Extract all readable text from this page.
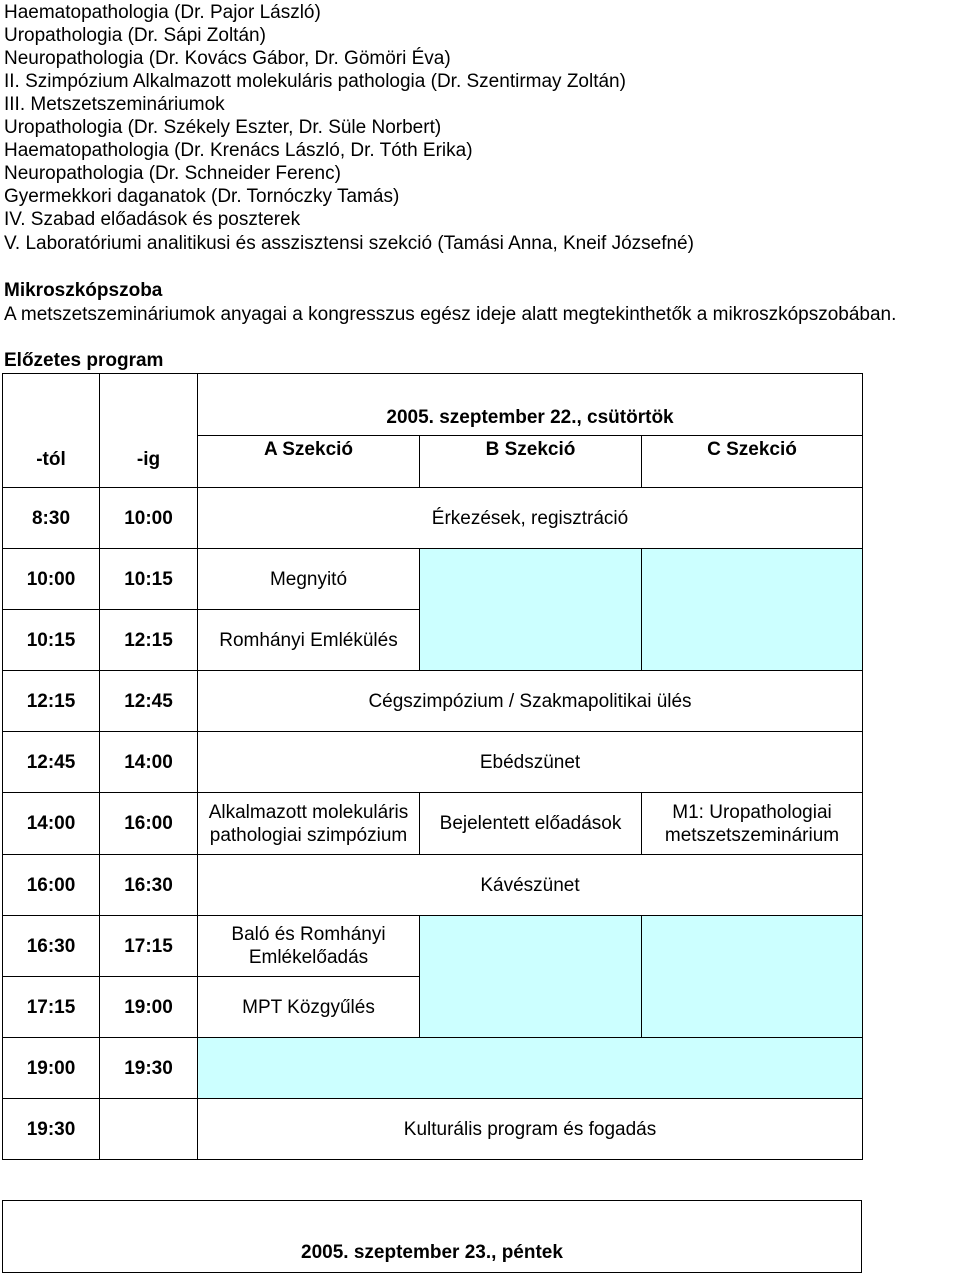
Haematopathologia (Dr. Pajor László)
Uropathologia (Dr. Sápi Zoltán)
Neuropathologia (Dr. Kovács Gábor, Dr. Gömöri Éva)
II. Szimpózium Alkalmazott molekuláris pathologia (Dr. Szentirmay Zoltán)
III. Metszetszemináriumok
Uropathologia (Dr. Székely Eszter, Dr. Süle Norbert)
Haematopathologia (Dr. Krenács László, Dr. Tóth Erika)
Neuropathologia (Dr. Schneider Ferenc)
Gyermekkori daganatok (Dr. Tornóczky Tamás)
IV. Szabad előadások és poszterek
V. Laboratóriumi analitikusi és asszisztensi szekció (Tamási Anna, Kneif Józsefné)
Mikroszkópszoba
A metszetszemináriumok anyagai a kongresszus egész ideje alatt megtekinthetők a mikroszkópszobában.
Előzetes program
		2005. szeptember 22., csütörtök		
-tól	-ig	A Szekció	B Szekció	C Szekció
8:30	10:00	Érkezések, regisztráció		
10:00	10:15	Megnyitó		
10:15	12:15	Romhányi Emlékülés		
12:15	12:45	Cégszimpózium / Szakmapolitikai ülés		
12:45	14:00	Ebédszünet		
14:00	16:00	Alkalmazott molekuláris pathologiai szimpózium	Bejelentett előadások	M1: Uropathologiai metszetszeminárium
16:00	16:30	Kávészünet		
16:30	17:15	Baló és Romhányi Emlékelőadás		
17:15	19:00	MPT Közgyűlés		
19:00	19:30			
19:30		Kulturális program és fogadás		
2005. szeptember 23., péntek
